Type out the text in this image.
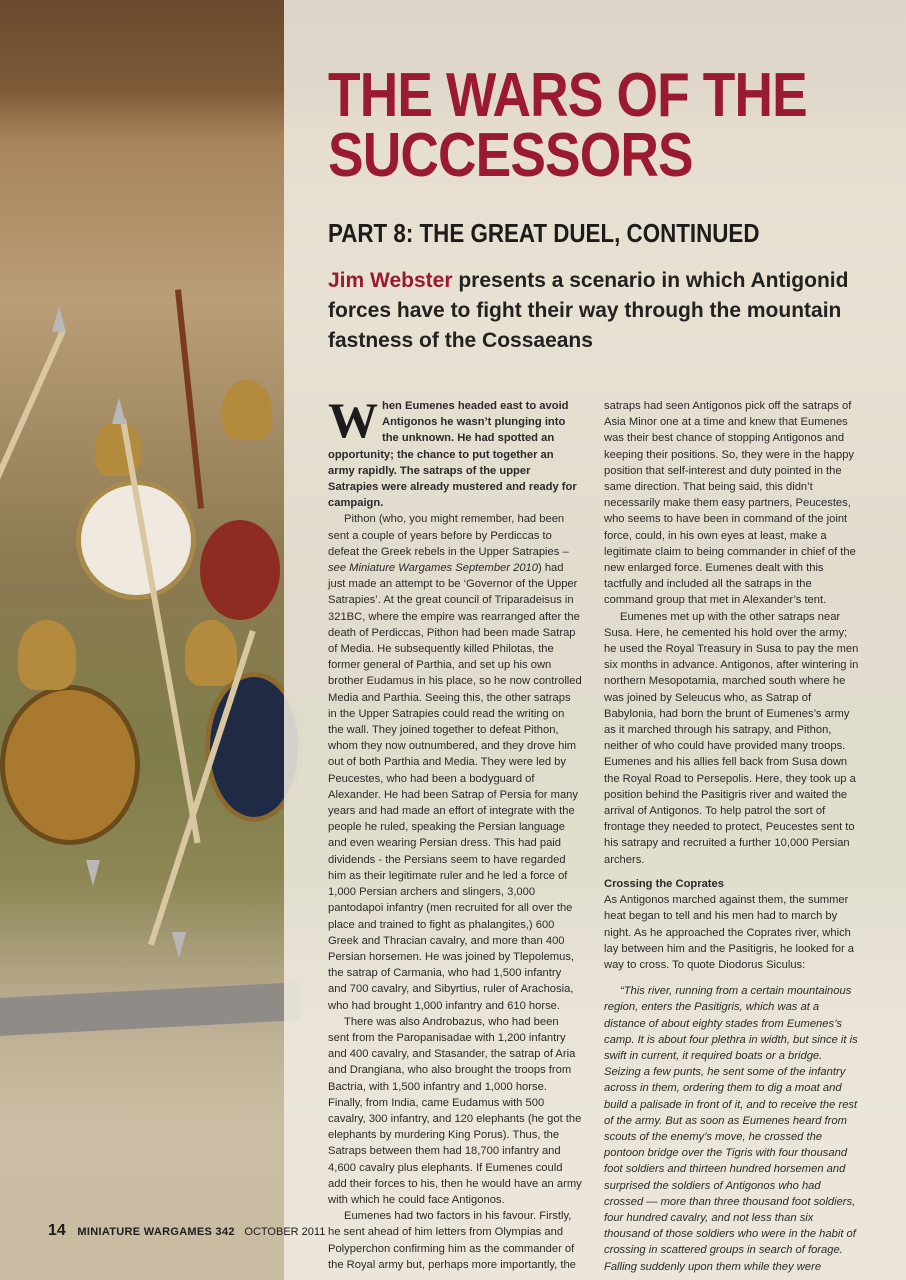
THE WARS OF THE
SUCCESSORS
PART 8: THE GREAT DUEL, CONTINUED
Jim Webster presents a scenario in which Antigonid forces have to fight their way through the mountain fastness of the Cossaeans

When Eumenes headed east to avoid Antigonos he wasn’t plunging into the unknown. He had spotted an opportunity; the chance to put together an army rapidly. The satraps of the upper Satrapies were already mustered and ready for campaign.

Pithon (who, you might remember, had been sent a couple of years before by Perdiccas to defeat the Greek rebels in the Upper Satrapies – see Miniature Wargames September 2010) had just made an attempt to be ‘Governor of the Upper Satrapies’. At the great council of Triparadeisus in 321BC, where the empire was rearranged after the death of Perdiccas, Pithon had been made Satrap of Media. He subsequently killed Philotas, the former general of Parthia, and set up his own brother Eudamus in his place, so he now controlled Media and Parthia. Seeing this, the other satraps in the Upper Satrapies could read the writing on the wall. They joined together to defeat Pithon, whom they now outnumbered, and they drove him out of both Parthia and Media. They were led by Peucestes, who had been a bodyguard of Alexander. He had been Satrap of Persia for many years and had made an effort of integrate with the people he ruled, speaking the Persian language and even wearing Persian dress. This had paid dividends - the Persians seem to have regarded him as their legitimate ruler and he led a force of 1,000 Persian archers and slingers, 3,000 pantodapoi infantry (men recruited for all over the place and trained to fight as phalangites,) 600 Greek and Thracian cavalry, and more than 400 Persian horsemen. He was joined by Tlepolemus, the satrap of Carmania, who had 1,500 infantry and 700 cavalry, and Sibyrtius, ruler of Arachosia, who had brought 1,000 infantry and 610 horse.

There was also Androbazus, who had been sent from the Paropanisadae with 1,200 infantry and 400 cavalry, and Stasander, the satrap of Aria and Drangiana, who also brought the troops from Bactria, with 1,500 infantry and 1,000 horse. Finally, from India, came Eudamus with 500 cavalry, 300 infantry, and 120 elephants (he got the elephants by murdering King Porus). Thus, the Satraps between them had 18,700 infantry and 4,600 cavalry plus elephants. If Eumenes could add their forces to his, then he would have an army with which he could face Antigonos.

Eumenes had two factors in his favour. Firstly, he sent ahead of him letters from Olympias and Polyperchon confirming him as the commander of the Royal army but, perhaps more importantly, the

satraps had seen Antigonos pick off the satraps of Asia Minor one at a time and knew that Eumenes was their best chance of stopping Antigonos and keeping their positions. So, they were in the happy position that self-interest and duty pointed in the same direction. That being said, this didn’t necessarily make them easy partners, Peucestes, who seems to have been in command of the joint force, could, in his own eyes at least, make a legitimate claim to being commander in chief of the new enlarged force. Eumenes dealt with this tactfully and included all the satraps in the command group that met in Alexander’s tent.

Eumenes met up with the other satraps near Susa. Here, he cemented his hold over the army; he used the Royal Treasury in Susa to pay the men six months in advance. Antigonos, after wintering in northern Mesopotamia, marched south where he was joined by Seleucus who, as Satrap of Babylonia, had born the brunt of Eumenes’s army as it marched through his satrapy, and Pithon, neither of who could have provided many troops. Eumenes and his allies fell back from Susa down the Royal Road to Persepolis. Here, they took up a position behind the Pasitigris river and waited the arrival of Antigonos. To help patrol the sort of frontage they needed to protect, Peucestes sent to his satrapy and recruited a further 10,000 Persian archers.

Crossing the Coprates

As Antigonos marched against them, the summer heat began to tell and his men had to march by night. As he approached the Coprates river, which lay between him and the Pasitigris, he looked for a way to cross. To quote Diodorus Siculus:

“This river, running from a certain mountainous region, enters the Pasitigris, which was at a distance of about eighty stades from Eumenes’s camp. It is about four plethra in width, but since it is swift in current, it required boats or a bridge. Seizing a few punts, he sent some of the infantry across in them, ordering them to dig a moat and build a palisade in front of it, and to receive the rest of the army. But as soon as Eumenes heard from scouts of the enemy’s move, he crossed the pontoon bridge over the Tigris with four thousand foot soldiers and thirteen hundred horsemen and surprised the soldiers of Antigonos who had crossed — more than three thousand foot soldiers, four hundred cavalry, and not less than six thousand of those soldiers who were in the habit of crossing in scattered groups in search of forage. Falling suddenly upon them while they were

14 MINIATURE WARGAMES 342 OCTOBER 2011
